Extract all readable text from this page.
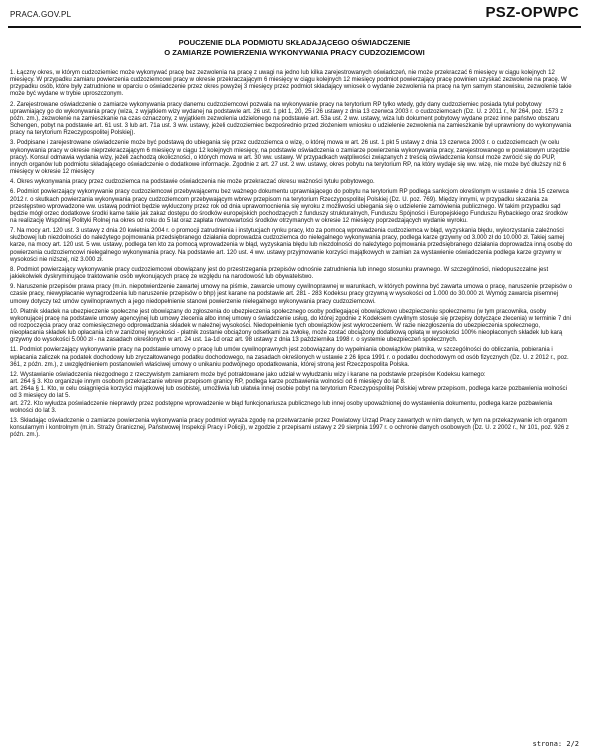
PRACA.GOV.PL	PSZ-OPWPC
POUCZENIE DLA PODMIOTU SKŁADAJĄCEGO OŚWIADCZENIE
O ZAMIARZE POWIERZENIA WYKONYWANIA PRACY CUDZOZIEMCOWI

1. Łączny okres, w którym cudzoziemiec może wykonywać pracę bez zezwolenia na pracę z uwagi na jedno lub kilka zarejestrowanych oświadczeń, nie może przekraczać 6 miesięcy w ciągu kolejnych 12 miesięcy. W przypadku zamiaru powierzenia cudzoziemcowi pracy w okresie przekraczającym 6 miesięcy w ciągu kolejnych 12 miesięcy podmiot powierzający pracę powinien uzyskać zezwolenie na pracę. W przypadku osób, które były zatrudnione w oparciu o oświadczenie przez okres powyżej 3 miesięcy przez podmiot składający wniosek o wydanie zezwolenia na pracę na tym samym stanowisku, zezwolenie takie może być wydane w trybie uproszczonym.

2. Zarejestrowane oświadczenie o zamiarze wykonywania pracy danemu cudzoziemcowi pozwala na wykonywanie pracy na terytorium RP tylko wtedy, gdy dany cudzoziemiec posiada tytuł pobytowy uprawniający go do wykonywania pracy (wiza, z wyjątkiem wizy wydanej na podstawie art. 26 ust. 1 pkt 1, 20, 25 i 26 ustawy z dnia 13 czerwca 2003 r. o cudzoziemcach (Dz. U. z 2011 r., Nr 264, poz. 1573 z późn. zm.), zezwolenie na zamieszkanie na czas oznaczony, z wyjątkiem zezwolenia udzielonego na podstawie art. 53a ust. 2 ww. ustawy, wiza lub dokument pobytowy wydane przez inne państwo obszaru Schengen, pobyt na podstawie art. 61 ust. 3 lub art. 71a ust. 3 ww. ustawy, jeżeli cudzoziemiec bezpośrednio przed złożeniem wniosku o udzielenie zezwolenia na zamieszkanie był uprawniony do wykonywania pracy na terytorium Rzeczypospolitej Polskiej).

3. Podpisane i zarejestrowane oświadczenie może być podstawą do ubiegania się przez cudzoziemca o wizę, o której mowa w art. 26 ust. 1 pkt 5 ustawy z dnia 13 czerwca 2003 r. o cudzoziemcach (w celu wykonywania pracy w okresie nieprzekraczającym 6 miesięcy w ciągu 12 kolejnych miesięcy, na podstawie oświadczenia o zamiarze powierzenia wykonywania pracy, zarejestrowanego w powiatowym urzędzie pracy). Konsul odmawia wydania wizy, jeżeli zachodzą okoliczności, o których mowa w art. 30 ww. ustawy. W przypadkach wątpliwości związanych z treścią oświadczenia konsul może zwrócić się do PUP, innych organów lub podmiotu składającego oświadczenie o dodatkowe informacje. Zgodnie z art. 27 ust. 2 ww. ustawy, okres pobytu na terytorium RP, na który wydaje się ww. wizę, nie może być dłuższy niż 6 miesięcy w okresie 12 miesięcy

4. Okres wykonywania pracy przez cudzoziemca na podstawie oświadczenia nie może przekraczać okresu ważności tytułu pobytowego.

6. Podmiot powierzający wykonywanie pracy cudzoziemcowi przebywającemu bez ważnego dokumentu uprawniającego do pobytu na terytorium RP podlega sankcjom określonym w ustawie z dnia 15 czerwca 2012 r. o skutkach powierzania wykonywania pracy cudzoziemcom przebywającym wbrew przepisom na terytorium Rzeczypospolitej Polskiej (Dz. U. poz. 769). Między innymi, w przypadku skazania za przestępstwo wprowadzone ww. ustawą podmiot będzie wykluczony przez rok od dnia uprawomocnienia się wyroku z możliwości ubiegania się o udzielenie zamówienia publicznego. W takim przypadku sąd będzie mógł orzec dodatkowe środki karne takie jak zakaz dostępu do środków europejskich pochodzących z funduszy strukturalnych, Funduszu Spójności i Europejskiego Funduszu Rybackiego oraz środków na realizację Wspólnej Polityki Rolnej na okres od roku do 5 lat oraz zapłata równowartości środków otrzymanych w okresie 12 miesięcy poprzedzających wydanie wyroku.

7. Na mocy art. 120 ust. 3 ustawy z dnia 20 kwietnia 2004 r. o promocji zatrudnienia i instytucjach rynku pracy, kto za pomocą wprowadzenia cudzoziemca w błąd, wyzyskania błędu, wykorzystania zależności służbowej lub niezdolności do należytego pojmowania przedsiębranego działania doprowadza cudzoziemca do nielegalnego wykonywania pracy, podlega karze grzywny od 3.000 zł do 10.000 zł. Takiej samej karze, na mocy art. 120 ust. 5 ww. ustawy, podlega ten kto za pomocą wprowadzenia w błąd, wyzyskania błędu lub niezdolności do należytego pojmowania przedsiębranego działania doprowadza inną osobę do powierzenia cudzoziemcowi nielegalnego wykonywania pracy. Na podstawie art. 120 ust. 4 ww. ustawy przyjmowanie korzyści majątkowych w zamian za wystawienie oświadczenia podlega karze grzywny w wysokości nie niższej, niż 3.000 zł.

8. Podmiot powierzający wykonywanie pracy cudzoziemcowi obowiązany jest do przestrzegania przepisów odnośnie zatrudnienia lub innego stosunku prawnego. W szczególności, niedopuszczalne jest jakiekolwiek dyskryminujące traktowanie osób wykonujących pracę ze względu na narodowość lub obywatelstwo.

9. Naruszenie przepisów prawa pracy (m.in. niepotwierdzenie zawartej umowy na piśmie, zawarcie umowy cywilnoprawnej w warunkach, w których powinna być zawarta umowa o pracę, naruszenie przepisów o czasie pracy, niewypłacanie wynagrodzenia lub naruszenie przepisów o bhp) jest karane na podstawie art. 281 - 283 Kodeksu pracy grzywną w wysokości od 1.000 do 30.000 zł. Wymóg zawarcia pisemnej umowy dotyczy też umów cywilnoprawnych a jego niedopełnienie stanowi powierzenie nielegalnego wykonywania pracy cudzoziemcowi.

10. Płatnik składek na ubezpieczenie społeczne jest obowiązany do zgłoszenia do ubezpieczenia społecznego osoby podlegającej obowiązkowo ubezpieczeniu społecznemu (w tym pracownika, osoby wykonującej pracę na podstawie umowy agencyjnej lub umowy zlecenia albo innej umowy o świadczenie usług, do której zgodnie z Kodeksem cywilnym stosuje się przepisy dotyczące zlecenia) w terminie 7 dni od rozpoczęcia pracy oraz comiesięcznego odprowadzania składek w należnej wysokości. Niedopełnienie tych obowiązków jest wykroczeniem. W razie niezgłoszenia do ubezpieczenia społecznego, nieopłacania składek lub opłacania ich w zaniżonej wysokości - płatnik zostanie obciążony odsetkami za zwłokę, może zostać obciążony dodatkową opłatą w wysokości 100% nieopłaconych składek lub karą grzywny do wysokości 5.000 zł - na zasadach określonych w art. 24 ust. 1a-1d oraz art. 98 ustawy z dnia 13 października 1998 r. o systemie ubezpieczeń społecznych.

11. Podmiot powierzający wykonywanie pracy na podstawie umowy o pracę lub umów cywilnoprawnych jest zobowiązany do wypełniania obowiązków płatnika, w szczególności do obliczania, pobierania i wpłacania zaliczek na podatek dochodowy lub zryczałtowanego podatku dochodowego, na zasadach określonych w ustawie z 26 lipca 1991 r. o podatku dochodowym od osób fizycznych (Dz. U. z 2012 r., poz. 361, z późn. zm.), z uwzględnieniem postanowień właściwej umowy o unikaniu podwójnego opodatkowania, której stroną jest Rzeczpospolita Polska.

12. Wystawianie oświadczenia niezgodnego z rzeczywistym zamiarem może być potraktowane jako udział w wyłudzaniu wizy i karane na podstawie przepisów Kodeksu karnego:
art. 264 § 3. Kto organizuje innym osobom przekraczanie wbrew przepisom granicy RP, podlega karze pozbawienia wolności od 6 miesięcy do lat 8.
art. 264a § 1. Kto, w celu osiągnięcia korzyści majątkowej lub osobistej, umożliwia lub ułatwia innej osobie pobyt na terytorium Rzeczypospolitej Polskiej wbrew przepisom, podlega karze pozbawienia wolności od 3 miesięcy do lat 5.
art. 272. Kto wyłudza poświadczenie nieprawdy przez podstępne wprowadzenie w błąd funkcjonariusza publicznego lub innej osoby upoważnionej do wystawienia dokumentu, podlega karze pozbawienia wolności do lat 3.

13. Składając oświadczenie o zamiarze powierzenia wykonywania pracy podmiot wyraża zgodę na przetwarzanie przez Powiatowy Urząd Pracy zawartych w nim danych, w tym na przekazywanie ich organom konsularnym i kontrolnym (m.in. Straży Granicznej, Państwowej Inspekcji Pracy i Policji), w zgodzie z przepisami ustawy z 29 sierpnia 1997 r. o ochronie danych osobowych (Dz. U. z 2002 r., Nr 101, poz. 926 z późn. zm.).

strona: 2/2
